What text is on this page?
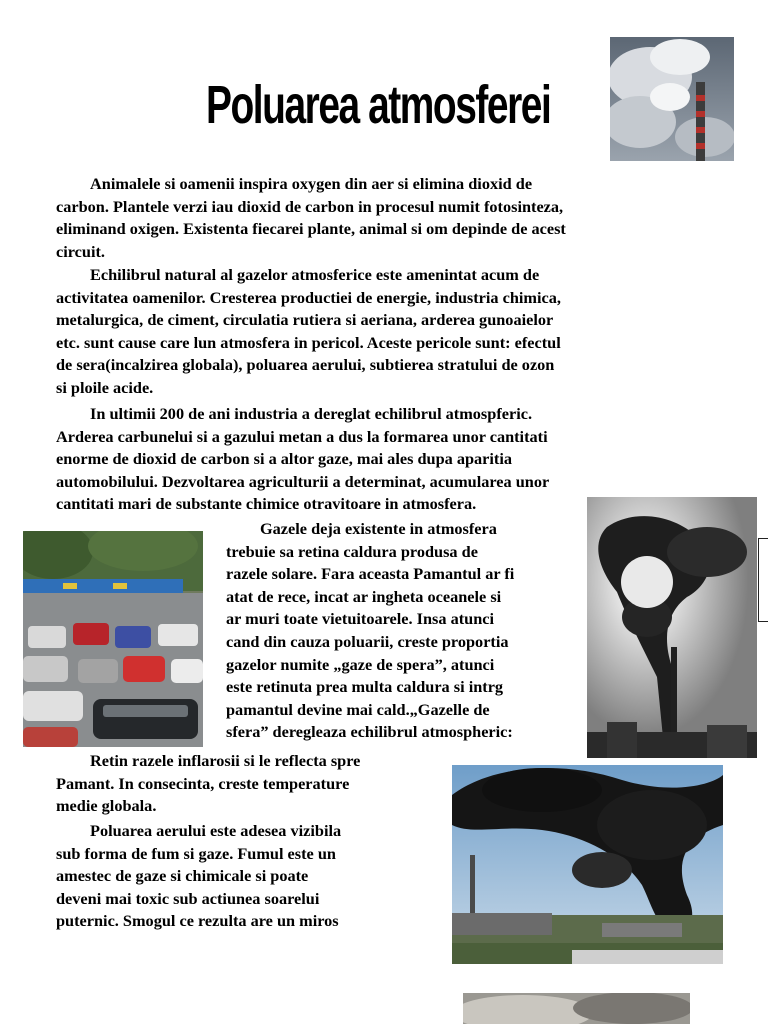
Poluarea atmosferei
Animalele si oamenii inspira oxygen din aer si elimina dioxid de
carbon. Plantele verzi iau dioxid de carbon in procesul numit fotosinteza,
eliminand oxigen. Existenta fiecarei plante, animal si om depinde de acest
circuit.
Echilibrul natural al gazelor atmosferice este amenintat acum de
activitatea oamenilor. Cresterea productiei de energie, industria chimica,
metalurgica, de ciment, circulatia rutiera si aeriana, arderea gunoaielor
etc. sunt cause care lun atmosfera in pericol. Aceste pericole sunt: efectul
de sera(incalzirea globala), poluarea aerului, subtierea stratului de ozon
si ploile acide.
In ultimii 200 de ani industria a dereglat echilibrul atmospferic.
Arderea carbunelui si a gazului metan a dus la formarea unor cantitati
enorme de dioxid de carbon si a altor gaze, mai ales dupa aparitia
automobilului. Dezvoltarea agriculturii a determinat, acumularea unor
cantitati mari de substante chimice otravitoare in atmosfera.
Gazele deja existente in atmosfera
trebuie sa retina caldura produsa de
razele solare. Fara aceasta Pamantul ar fi
atat de rece, incat ar ingheta oceanele si
ar muri toate vietuitoarele. Insa atunci
cand din cauza poluarii, creste proportia
gazelor numite „gaze de spera”, atunci
este retinuta prea multa caldura si intrg
pamantul devine mai cald.„Gazelle de
sfera” deregleaza echilibrul atmospheric:
Retin razele inflarosii si le reflecta spre
Pamant. In consecinta, creste temperature
medie globala.
Poluarea aerului este adesea vizibila
sub forma de fum si gaze. Fumul este un
amestec de gaze si chimicale si poate
deveni mai toxic sub actiunea soarelui
puternic. Smogul ce rezulta are un miros
